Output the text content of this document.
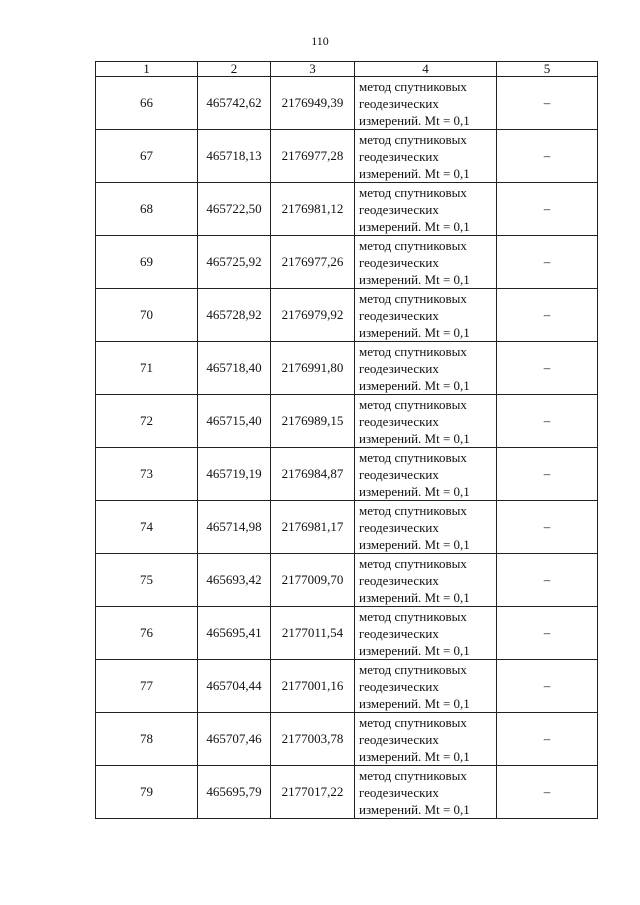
110
1	2	3	4	5
66	465742,62	2176949,39	метод спутниковых
геодезических
измерений. Mt = 0,1	–
67	465718,13	2176977,28	метод спутниковых
геодезических
измерений. Mt = 0,1	–
68	465722,50	2176981,12	метод спутниковых
геодезических
измерений. Mt = 0,1	–
69	465725,92	2176977,26	метод спутниковых
геодезических
измерений. Mt = 0,1	–
70	465728,92	2176979,92	метод спутниковых
геодезических
измерений. Mt = 0,1	–
71	465718,40	2176991,80	метод спутниковых
геодезических
измерений. Mt = 0,1	–
72	465715,40	2176989,15	метод спутниковых
геодезических
измерений. Mt = 0,1	–
73	465719,19	2176984,87	метод спутниковых
геодезических
измерений. Mt = 0,1	–
74	465714,98	2176981,17	метод спутниковых
геодезических
измерений. Mt = 0,1	–
75	465693,42	2177009,70	метод спутниковых
геодезических
измерений. Mt = 0,1	–
76	465695,41	2177011,54	метод спутниковых
геодезических
измерений. Mt = 0,1	–
77	465704,44	2177001,16	метод спутниковых
геодезических
измерений. Mt = 0,1	–
78	465707,46	2177003,78	метод спутниковых
геодезических
измерений. Mt = 0,1	–
79	465695,79	2177017,22	метод спутниковых
геодезических
измерений. Mt = 0,1	–
